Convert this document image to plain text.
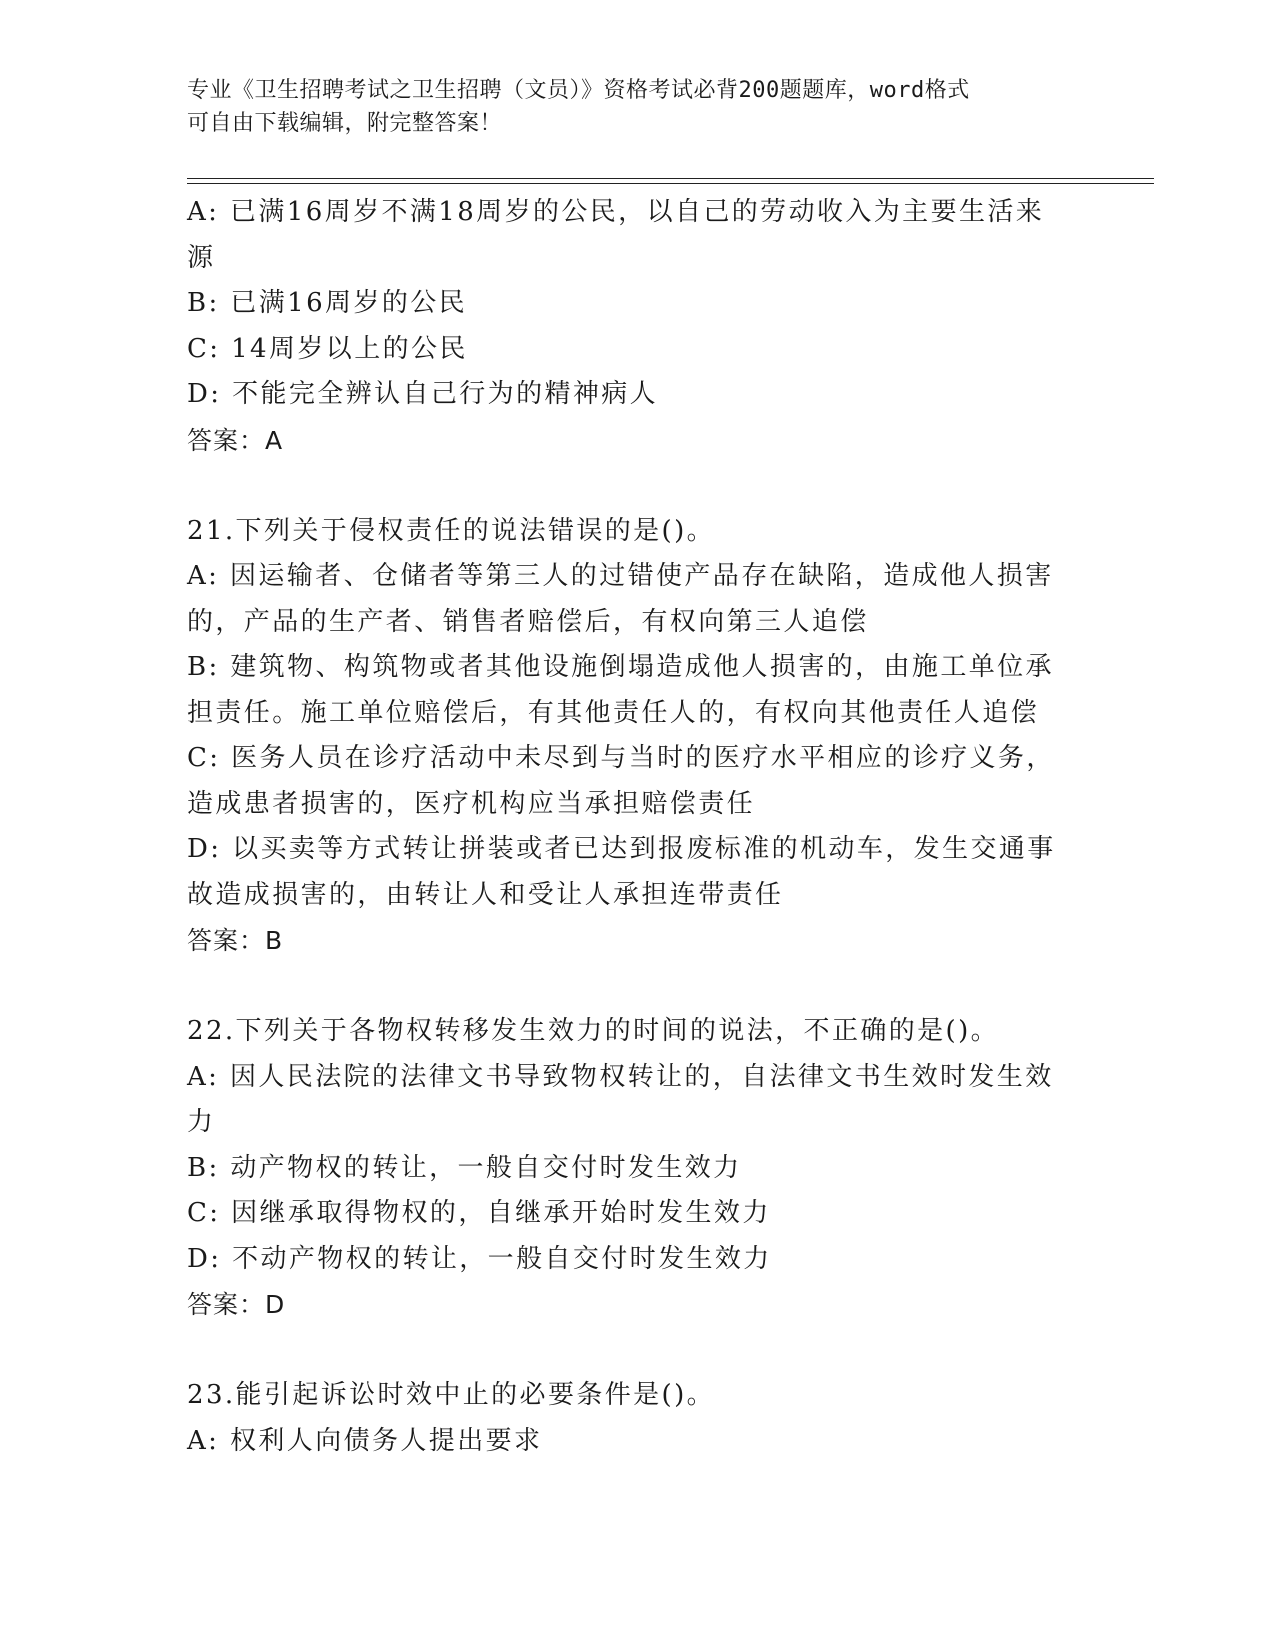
专业《卫生招聘考试之卫生招聘（文员）》资格考试必背200题题库，word格式
可自由下载编辑，附完整答案！
A: 已满16周岁不满18周岁的公民，以自己的劳动收入为主要生活来
源
B: 已满16周岁的公民
C: 14周岁以上的公民
D: 不能完全辨认自己行为的精神病人
答案：A
21.下列关于侵权责任的说法错误的是()。
A: 因运输者、仓储者等第三人的过错使产品存在缺陷，造成他人损害
的，产品的生产者、销售者赔偿后，有权向第三人追偿
B: 建筑物、构筑物或者其他设施倒塌造成他人损害的，由施工单位承
担责任。施工单位赔偿后，有其他责任人的，有权向其他责任人追偿
C: 医务人员在诊疗活动中未尽到与当时的医疗水平相应的诊疗义务，
造成患者损害的，医疗机构应当承担赔偿责任
D: 以买卖等方式转让拼装或者已达到报废标准的机动车，发生交通事
故造成损害的，由转让人和受让人承担连带责任
答案：B
22.下列关于各物权转移发生效力的时间的说法，不正确的是()。
A: 因人民法院的法律文书导致物权转让的，自法律文书生效时发生效
力
B: 动产物权的转让，一般自交付时发生效力
C: 因继承取得物权的，自继承开始时发生效力
D: 不动产物权的转让，一般自交付时发生效力
答案：D
23.能引起诉讼时效中止的必要条件是()。
A: 权利人向债务人提出要求
